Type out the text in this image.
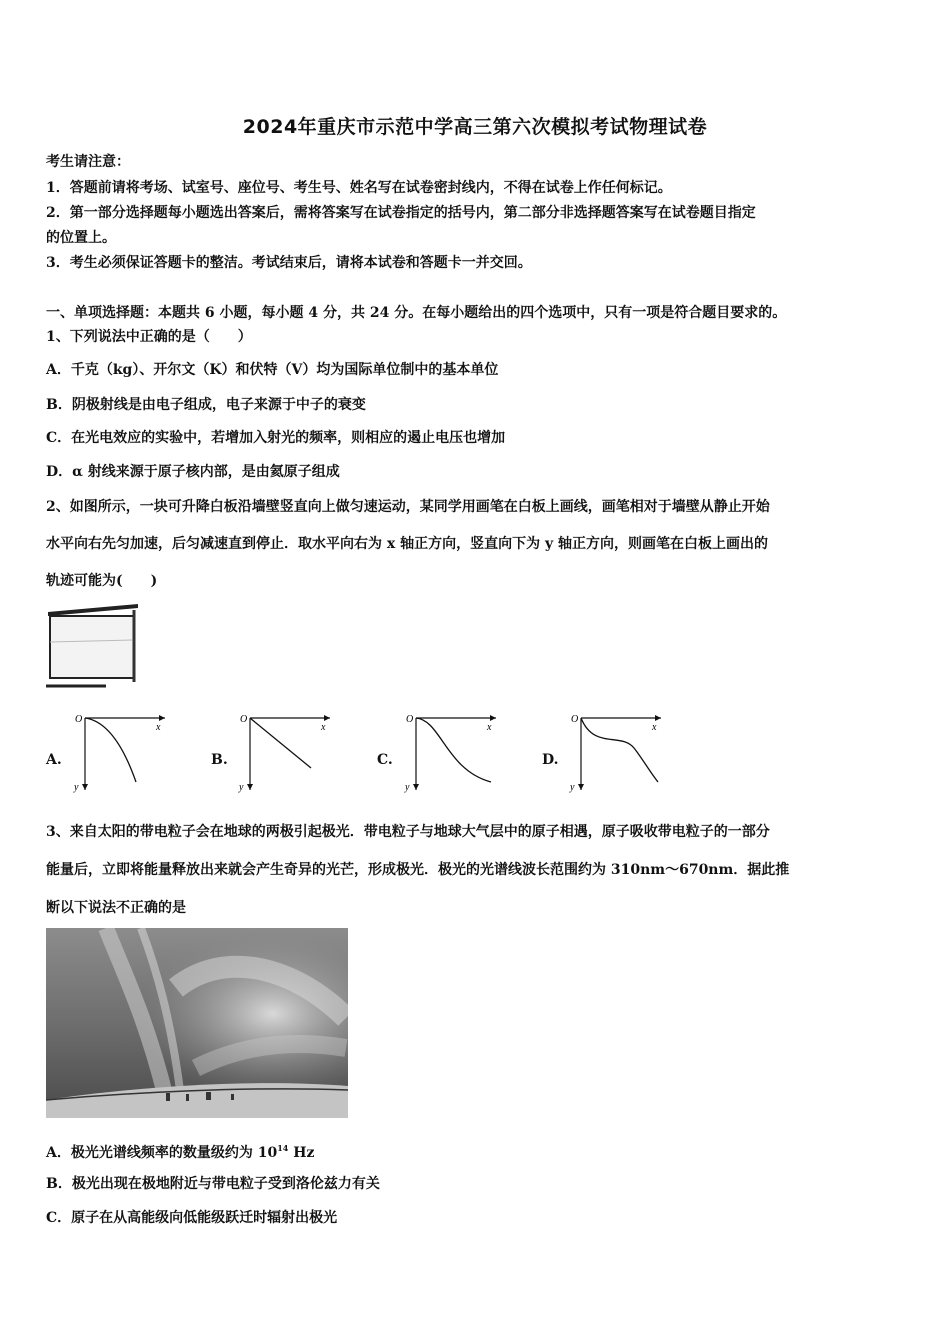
2024年重庆市示范中学高三第六次模拟考试物理试卷
考生请注意：
1．答题前请将考场、试室号、座位号、考生号、姓名写在试卷密封线内，不得在试卷上作任何标记。
2．第一部分选择题每小题选出答案后，需将答案写在试卷指定的括号内，第二部分非选择题答案写在试卷题目指定
的位置上。
3．考生必须保证答题卡的整洁。考试结束后，请将本试卷和答题卡一并交回。
一、单项选择题：本题共 6 小题，每小题 4 分，共 24 分。在每小题给出的四个选项中，只有一项是符合题目要求的。
1、下列说法中正确的是（　　）
A．千克（kg）、开尔文（K）和伏特（V）均为国际单位制中的基本单位
B．阴极射线是由电子组成，电子来源于中子的衰变
C．在光电效应的实验中，若增加入射光的频率，则相应的遏止电压也增加
D．α 射线来源于原子核内部，是由氦原子组成
2、如图所示，一块可升降白板沿墙壁竖直向上做匀速运动，某同学用画笔在白板上画线，画笔相对于墙壁从静止开始
水平向右先匀加速，后匀减速直到停止．取水平向右为 x 轴正方向，竖直向下为 y 轴正方向，则画笔在白板上画出的
轨迹可能为(　　)
A.
O
x
y
B.
O
x
y
C.
O
x
y
D.
O
x
y
3、来自太阳的带电粒子会在地球的两极引起极光．带电粒子与地球大气层中的原子相遇，原子吸收带电粒子的一部分
能量后，立即将能量释放出来就会产生奇异的光芒，形成极光．极光的光谱线波长范围约为 310nm～670nm．据此推
断以下说法不正确的是
A．极光光谱线频率的数量级约为 $10^{14}$ Hz
B．极光出现在极地附近与带电粒子受到洛伦兹力有关
C．原子在从高能级向低能级跃迁时辐射出极光
